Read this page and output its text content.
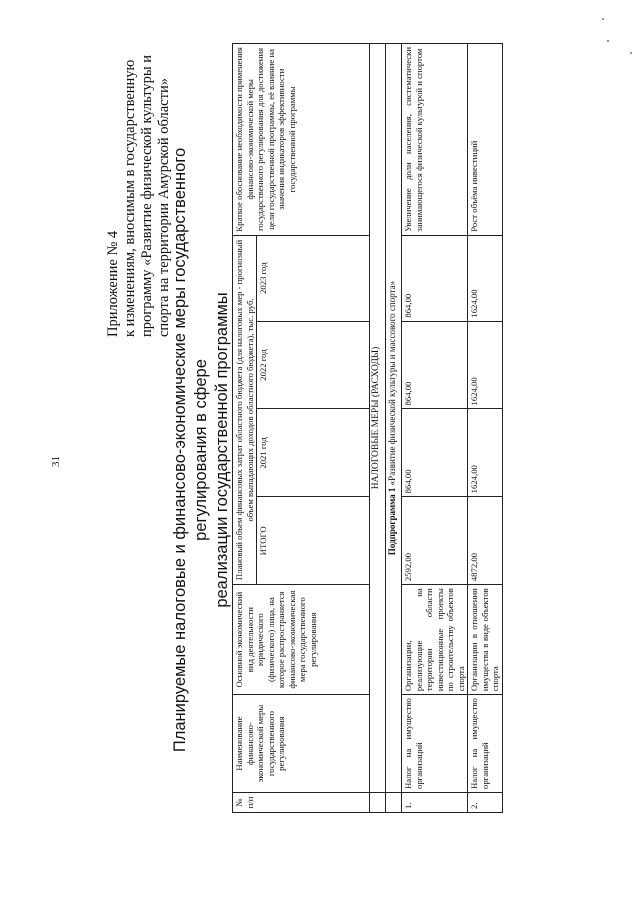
31
Приложение № 4 к изменениям, вносимым в государственную программу «Развитие физической культуры и спорта на территории Амурской области» Планируемые налоговые и финансово-экономические меры государственного регулирования в сфере реализации государственной программы
№ п/п	Наименование финансово-экономической меры государственного регулирования	Основной экономический вид деятельности юридического (физического) лица, на которое распространяется финансово-экономическая мера государственного регулирования	Плановый объем финансовых затрат областного бюджета (для налоговых мер - прогнозный объем выпадающих доходов областного бюджета), тыс. руб.				Краткое обоснование необходимости применения финансово-экономической меры государственного регулирования для достижения цели государственной программы, её влияние на значения индикаторов эффективности государственной программы
			ИТОГО	2021 год	2022 год	2023 год	
	НАЛОГОВЫЕ МЕРЫ (РАСХОДЫ)						
	Подпрограмма 1 «Развитие физической культуры и массового спорта»						
1.	Налог на имущество организаций	Организации, реализующие на территории области инвестиционные проекты по строительству объектов спорта	2592,00	864,00	864,00	864,00	Увеличение доли населения, систематически занимающегося физической культурой и спортом
2.	Налог на имущество организаций	Организации в отношении имущества в виде объектов спорта	4872,00	1624,00	1624,00	1624,00	Рост объёма инвестиций
